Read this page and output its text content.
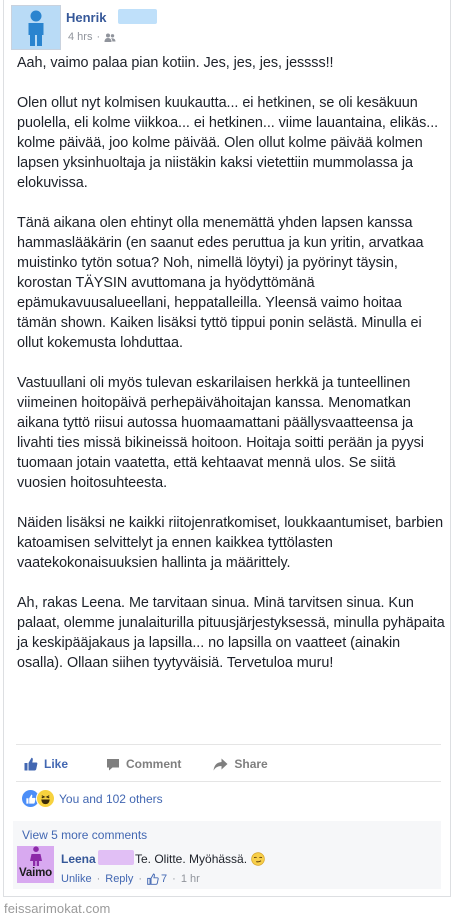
Henrik
4 hrs ·
Aah, vaimo palaa pian kotiin. Jes, jes, jes, jessss!!

Olen ollut nyt kolmisen kuukautta... ei hetkinen, se oli kesäkuun puolella, eli kolme viikkoa... ei hetkinen... viime lauantaina, elikäs... kolme päivää, joo kolme päivää. Olen ollut kolme päivää kolmen lapsen yksinhuoltaja ja niistäkin kaksi vietettiin mummolassa ja elokuvissa.

Tänä aikana olen ehtinyt olla menemättä yhden lapsen kanssa hammaslääkärin (en saanut edes peruttua ja kun yritin, arvatkaa muistinko tytön sotua? Noh, nimellä löytyi) ja pyörinyt täysin, korostan TÄYSIN avuttomana ja hyödyttömänä epämukavuusalueellani, heppatalleilla. Yleensä vaimo hoitaa tämän shown. Kaiken lisäksi tyttö tippui ponin selästä. Minulla ei ollut kokemusta lohduttaa.

Vastuullani oli myös tulevan eskarilaisen herkkä ja tunteellinen viimeinen hoitopäivä perhepäivähoitajan kanssa. Menomatkan aikana tyttö riisui autossa huomaamattani päällysvaatteensa ja livahti ties missä bikineissä hoitoon. Hoitaja soitti perään ja pyysi tuomaan jotain vaatetta, että kehtaavat mennä ulos. Se siitä vuosien hoitosuhteesta.

Näiden lisäksi ne kaikki riitojenratkomiset, loukkaantumiset, barbien katoamisen selvittelyt ja ennen kaikkea tyttölasten vaatekokonaisuuksien hallinta ja määrittely.

Ah, rakas Leena. Me tarvitaan sinua. Minä tarvitsen sinua. Kun palaat, olemme junalaiturilla pituusjärjestyksessä, minulla pyhäpaita ja keskipääjakaus ja lapsilla... no lapsilla on vaatteet (ainakin osalla). Ollaan siihen tyytyväisiä. Tervetuloa muru!
Like	Comment	Share
You and 102 others
View 5 more comments
Vaimo
Leena	Te. Olitte. Myöhässä.
Unlike · Reply · 7 · 1 hr
feissarimokat.com
